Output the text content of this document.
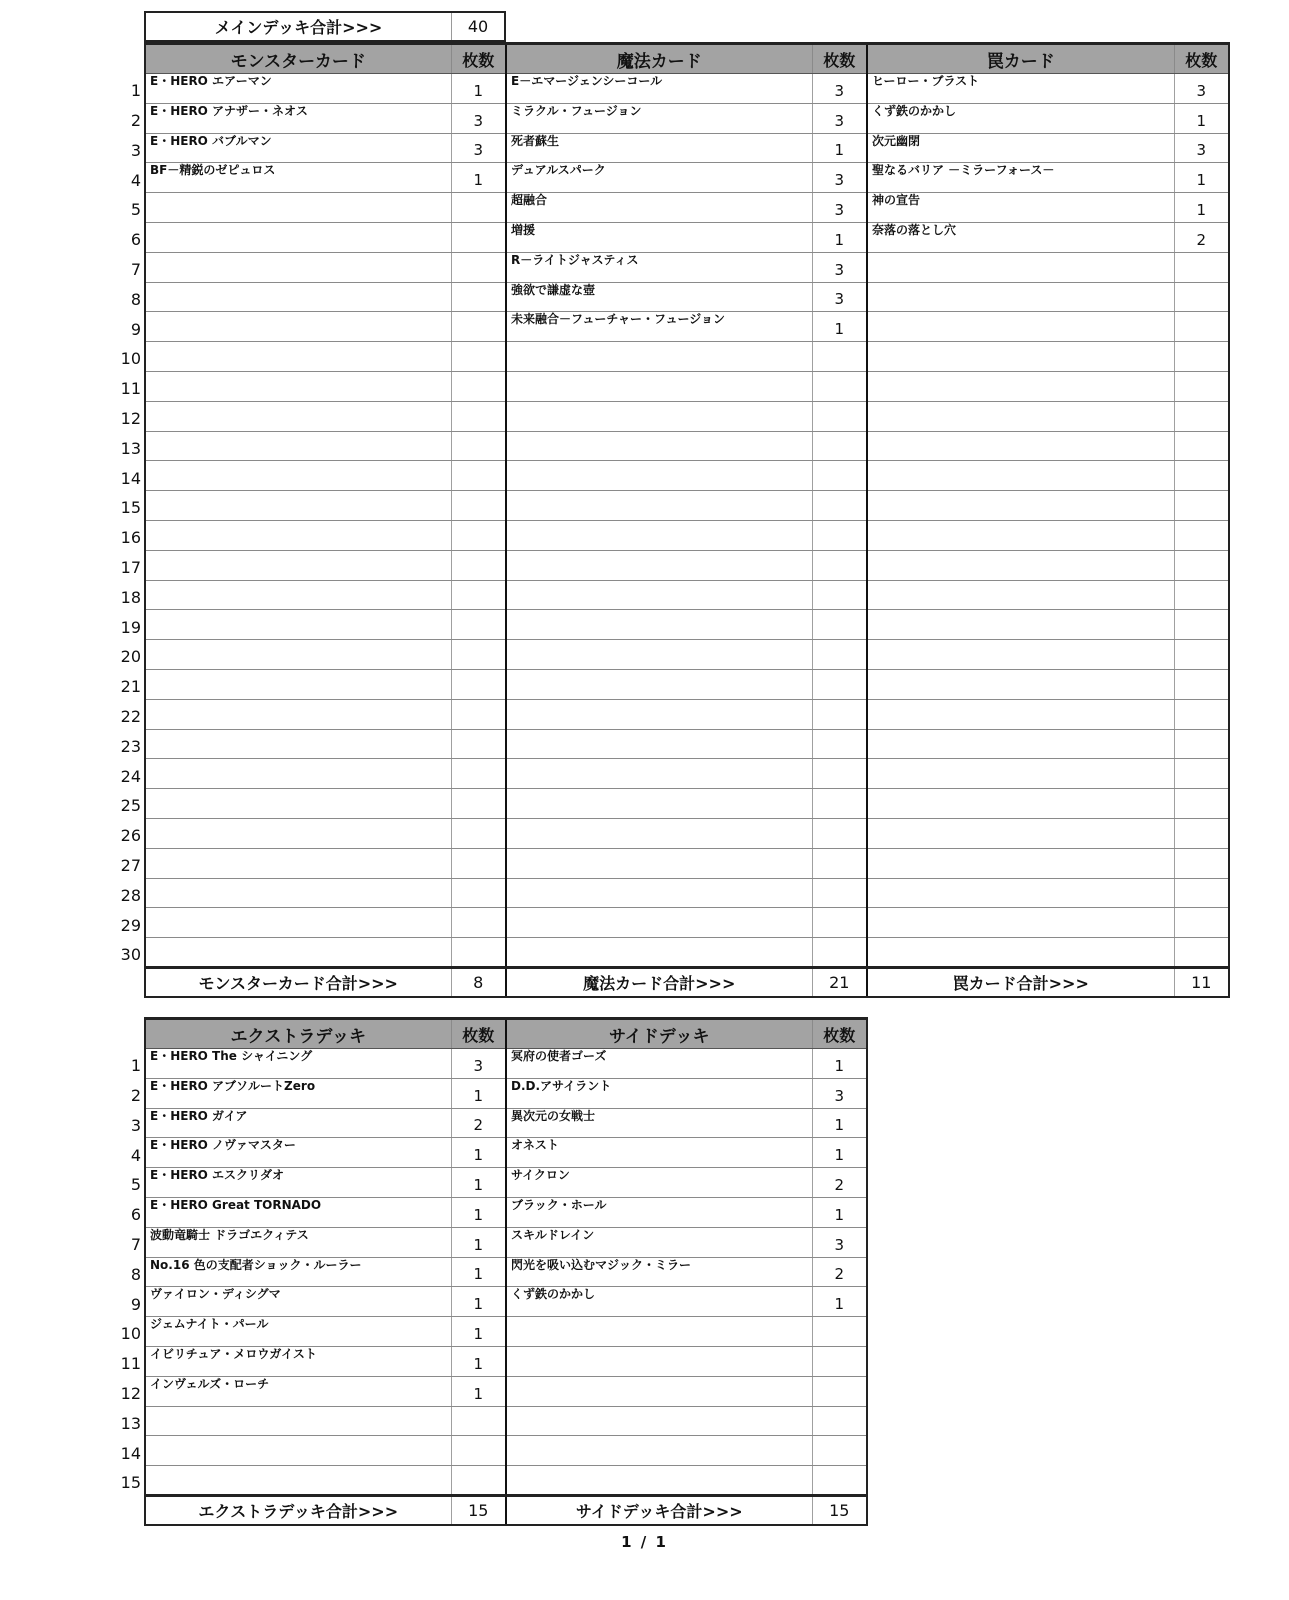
メインデッキ合計>>>	40
	モンスターカード	枚数	魔法カード	枚数	罠カード	枚数

1	E・HERO エアーマン	1	E－エマージェンシーコール	3	ヒーロー・ブラスト	3

2	E・HERO アナザー・ネオス	3	ミラクル・フュージョン	3	くず鉄のかかし	1

3	E・HERO バブルマン	3	死者蘇生	1	次元幽閉	3

4	BF－精鋭のゼピュロス	1	デュアルスパーク	3	聖なるバリア －ミラーフォース－	1

5			超融合	3	神の宣告	1

6			増援	1	奈落の落とし穴	2

7			R－ライトジャスティス	3		

8			強欲で謙虚な壺	3		

9			未来融合－フューチャー・フュージョン	1		

10						

11						

12						

13						

14						

15						

16						

17						

18						

19						

20						

21						

22						

23						

24						

25						

26						

27						

28						

29						

30						

	モンスターカード合計>>>	8	魔法カード合計>>>	21	罠カード合計>>>	11
	エクストラデッキ	枚数	サイドデッキ	枚数

1	E・HERO The シャイニング	3	冥府の使者ゴーズ	1

2	E・HERO アブソルートZero	1	D.D.アサイラント	3

3	E・HERO ガイア	2	異次元の女戦士	1

4	E・HERO ノヴァマスター	1	オネスト	1

5	E・HERO エスクリダオ	1	サイクロン	2

6	E・HERO Great TORNADO	1	ブラック・ホール	1

7	波動竜騎士 ドラゴエクィテス	1	スキルドレイン	3

8	No.16 色の支配者ショック・ルーラー	1	閃光を吸い込むマジック・ミラー	2

9	ヴァイロン・ディシグマ	1	くず鉄のかかし	1

10	ジェムナイト・パール	1		

11	イビリチュア・メロウガイスト	1		

12	インヴェルズ・ローチ	1		

13				

14				

15				

	エクストラデッキ合計>>>	15	サイドデッキ合計>>>	15
1 / 1
